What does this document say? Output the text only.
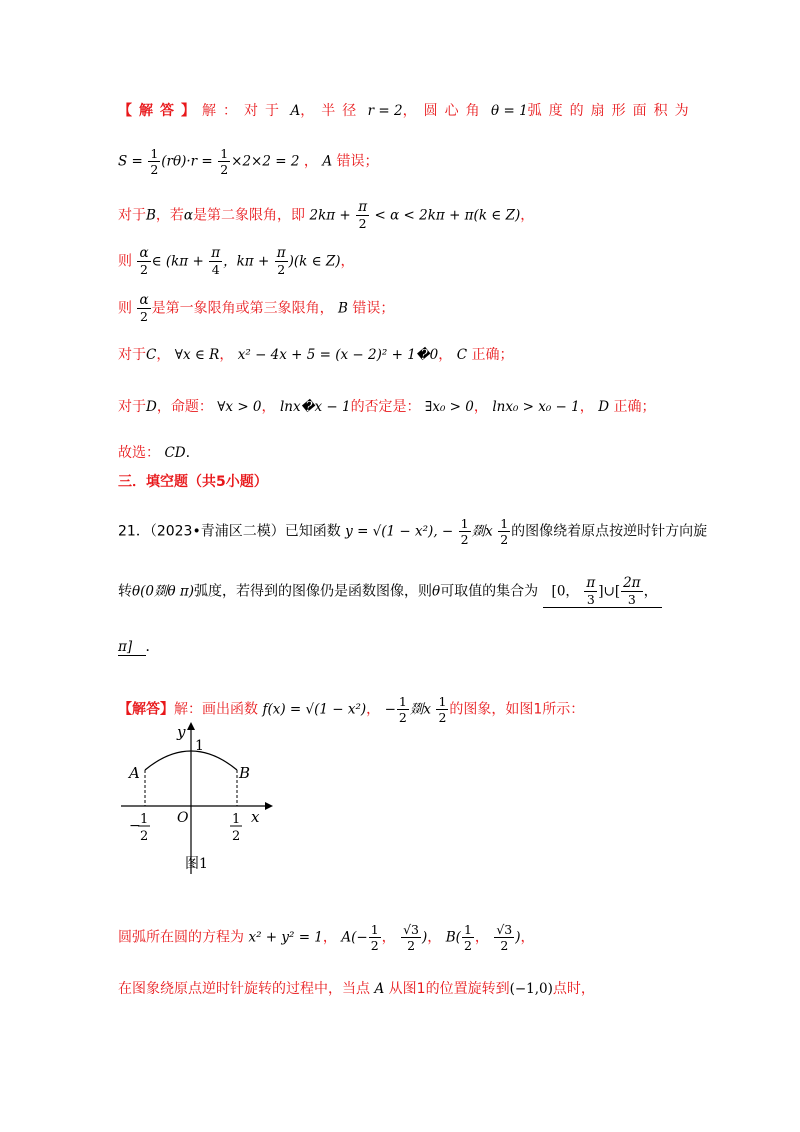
【解答】解：对于 A，半径 r = 2，圆心角 θ = 1弧度的扇形面积为
$S = \frac{1}{2} (r\theta)\cdot r = \frac{1}{2} \times 2\times 2 = 2$ ， A 错误；
对于B，若α是第二象限角，即 $2k\pi + \frac{\pi}{2} < \alpha < 2k\pi + \pi(k$ ∈ Z)，
则 $\frac{\alpha}{2}$ ∈ ($k\pi + \frac{\pi}{4}$ ，$k\pi + \frac{\pi}{2} )(k$ ∈ Z)，
则 $\frac{\alpha}{2}$ 是第一象限角或第三象限角， B 错误；
对于C， ∀x ∈ R， x² − 4x + 5 = (x − 2)² + 1�0， C 正确；
对于D，命题： ∀x > 0， lnx�x − 1的否定是： ∃x₀ > 0， lnx₀ > x₀ − 1， D 正确；
故选： CD.
三．填空题（共5小题）
21．（2023•青浦区二模）已知函数 y = √(1 − x²), − $\frac{1}{2}$ 剟x $\frac{1}{2}$ 的图像绕着原点按逆时针方向旋
转θ(0剟θ π)弧度，若得到的图像仍是函数图像，则θ可取值的集合为 [0， $\frac{\pi}{3}$ ]∪[ $\frac{2\pi}{3}$ ，
π] ．
【解答】解：画出函数 f(x) = √(1 − x²)， − $\frac{1}{2}$ 剟x $\frac{1}{2}$ 的图象，如图1所示：
y
1
A	B
O	x
− 1
2
1
2
图1
圆弧所在圆的方程为 x² + y² = 1， $A(- \frac{1}{2}$ ， $\frac{√3}{2}$ )， $B( \frac{1}{2}$ ， $\frac{√3}{2}$ )，
在图象绕原点逆时针旋转的过程中，当点 A 从图1的位置旋转到(−1,0)点时，
